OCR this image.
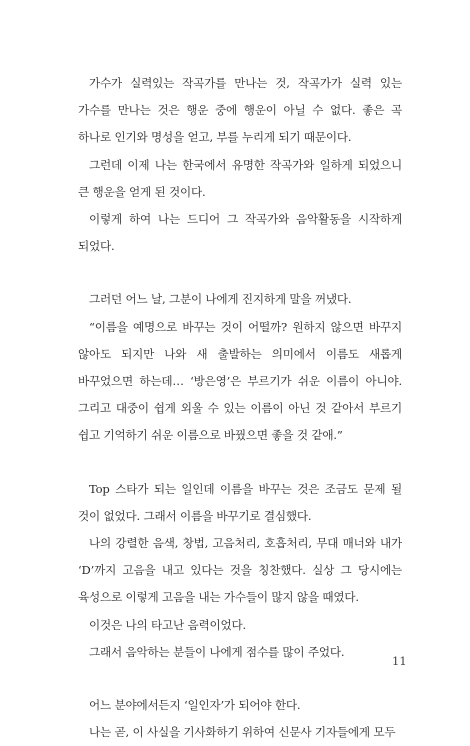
가수가 실력있는 작곡가를 만나는 것, 작곡가가 실력 있는 가수를 만나는 것은 행운 중에 행운이 아닐 수 없다. 좋은 곡 하나로 인기와 명성을 얻고, 부를 누리게 되기 때문이다.

그런데 이제 나는 한국에서 유명한 작곡가와 일하게 되었으니 큰 행운을 얻게 된 것이다.

이렇게 하여 나는 드디어 그 작곡가와 음악활동을 시작하게 되었다.

그러던 어느 날, 그분이 나에게 진지하게 말을 꺼냈다.

“이름을 예명으로 바꾸는 것이 어떨까? 원하지 않으면 바꾸지 않아도 되지만 나와 새 출발하는 의미에서 이름도 새롭게 바꾸었으면 하는데… ‘방은영’은 부르기가 쉬운 이름이 아니야. 그리고 대중이 쉽게 외울 수 있는 이름이 아닌 것 같아서 부르기 쉽고 기억하기 쉬운 이름으로 바꿨으면 좋을 것 같애.”

Top 스타가 되는 일인데 이름을 바꾸는 것은 조금도 문제 될 것이 없었다. 그래서 이름을 바꾸기로 결심했다.

나의 강렬한 음색, 창법, 고음처리, 호흡처리, 무대 매너와 내가 ‘D’까지 고음을 내고 있다는 것을 칭찬했다. 실상 그 당시에는 육성으로 이렇게 고음을 내는 가수들이 많지 않을 때였다.

이것은 나의 타고난 음력이었다.

그래서 음악하는 분들이 나에게 점수를 많이 주었다.

어느 분야에서든지 ‘일인자’가 되어야 한다.

나는 곧, 이 사실을 기사화하기 위하여 신문사 기자들에게 모두

11
